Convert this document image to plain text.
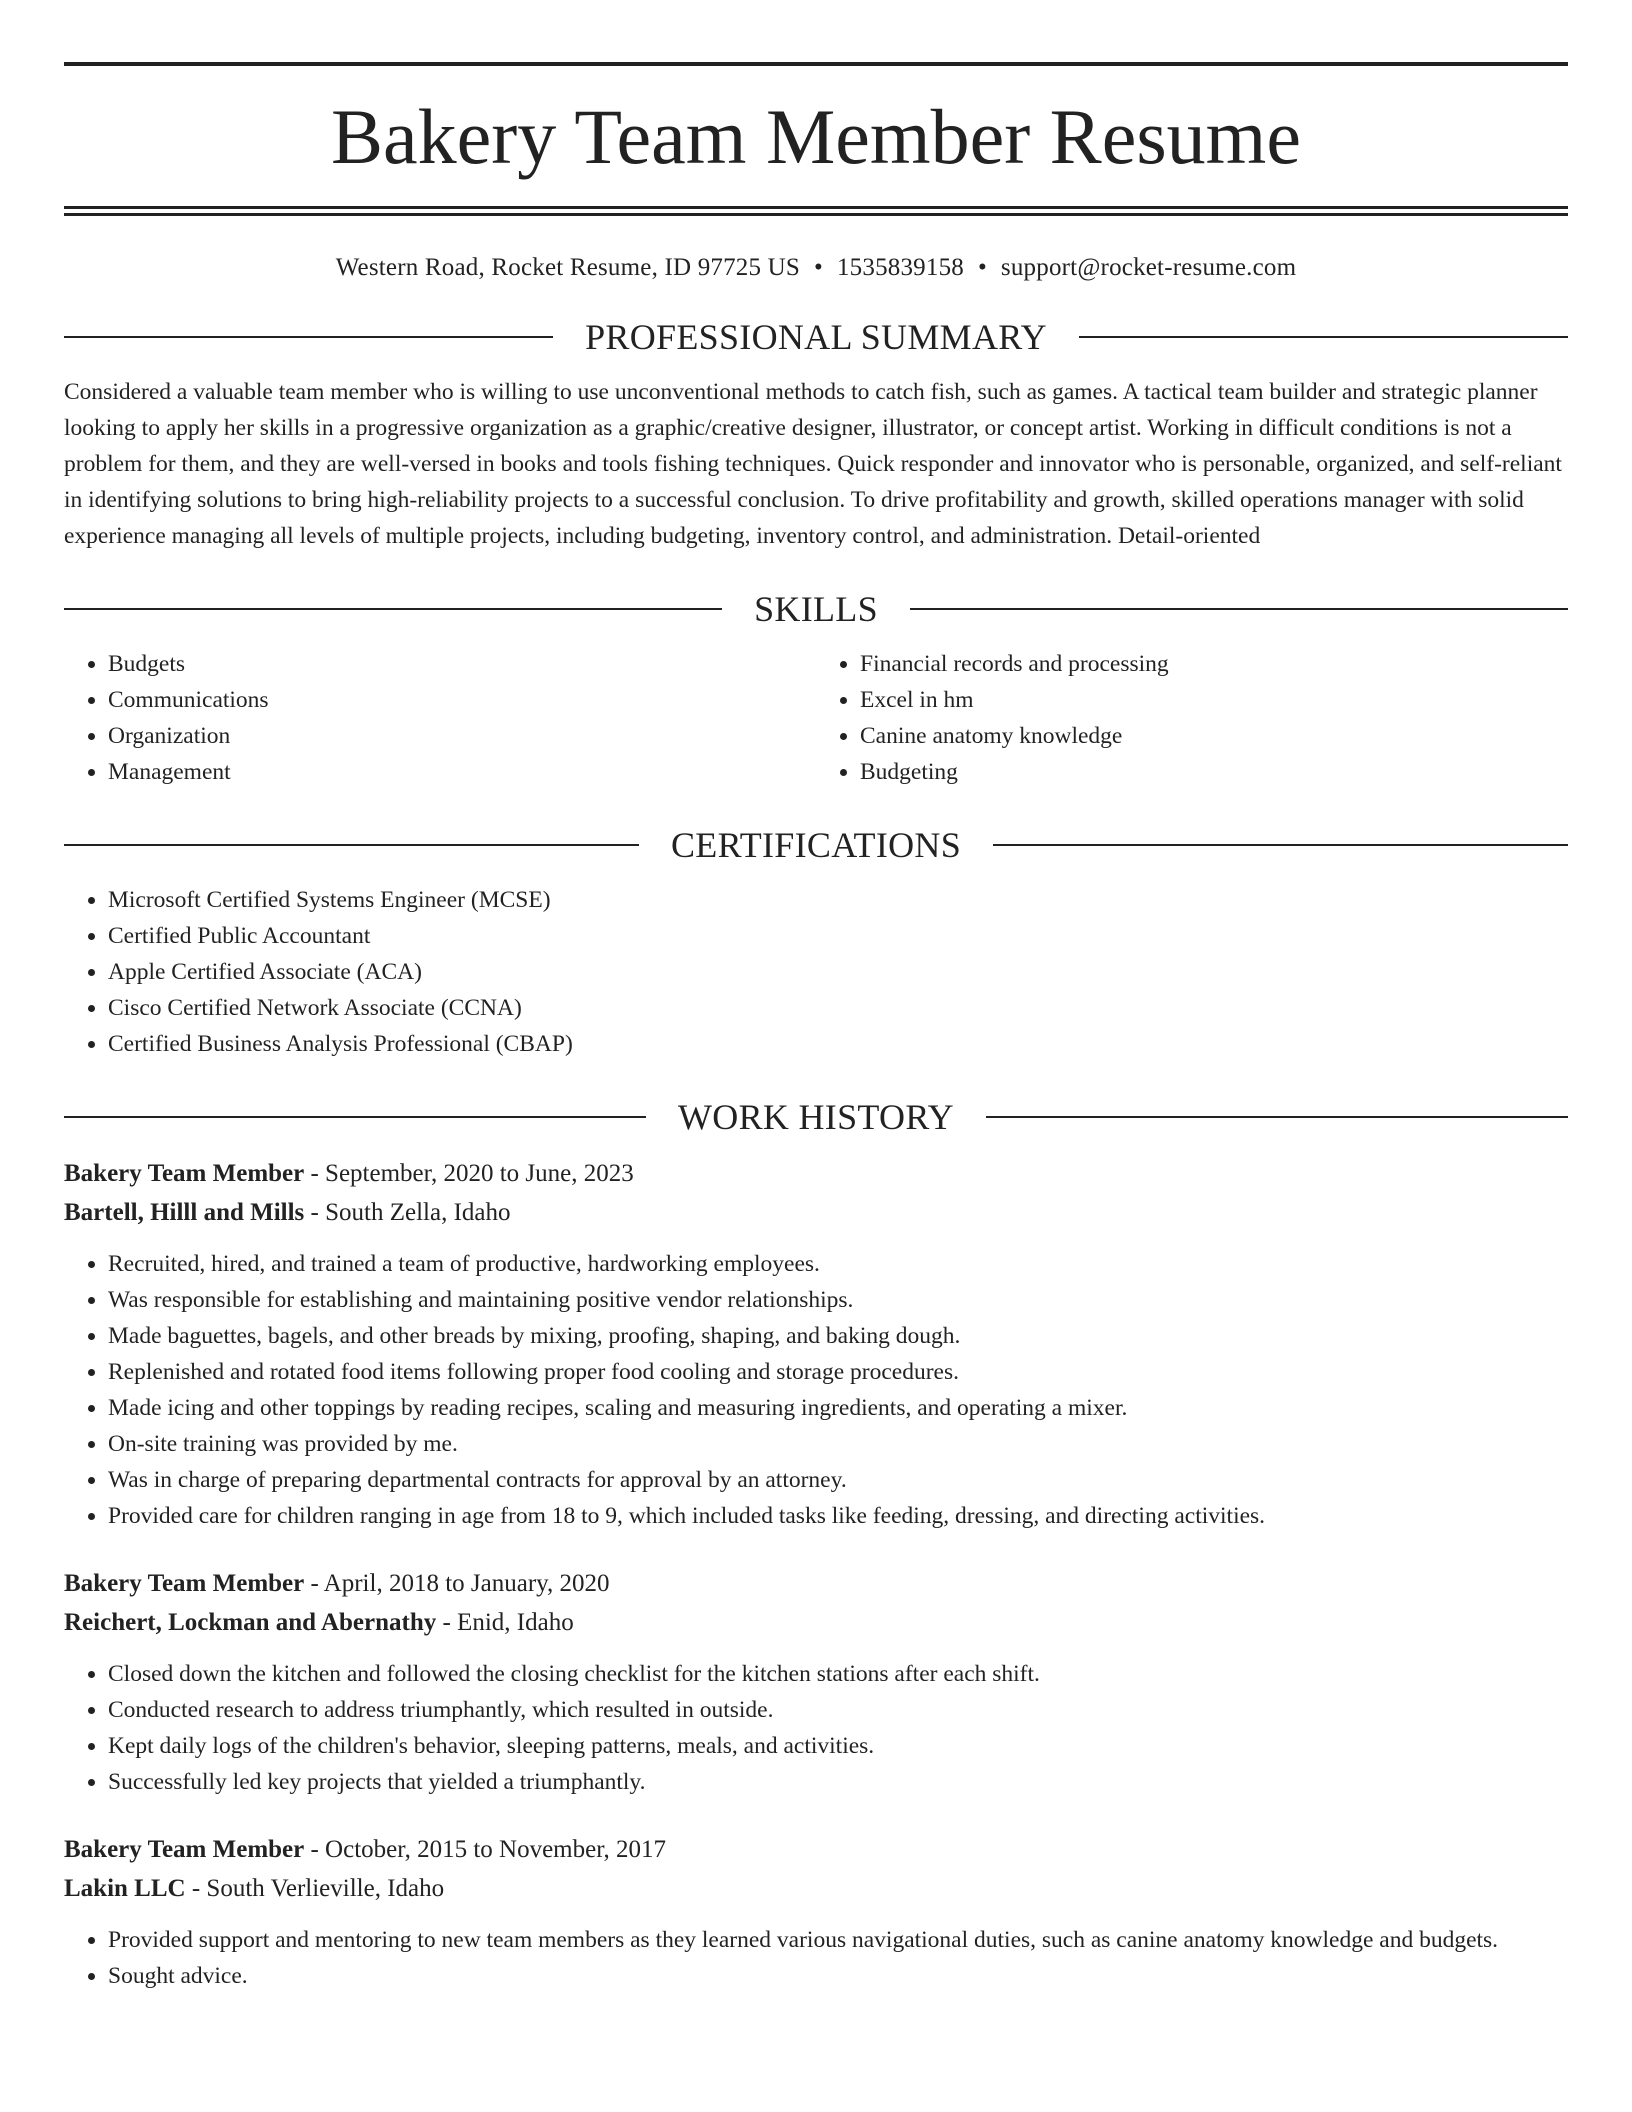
Bakery Team Member Resume
Western Road, Rocket Resume, ID 97725 US • 1535839158 • support@rocket-resume.com
PROFESSIONAL SUMMARY

Considered a valuable team member who is willing to use unconventional methods to catch fish, such as games. A tactical team builder and strategic planner looking to apply her skills in a progressive organization as a graphic/creative designer, illustrator, or concept artist. Working in difficult conditions is not a problem for them, and they are well-versed in books and tools fishing techniques. Quick responder and innovator who is personable, organized, and self-reliant in identifying solutions to bring high-reliability projects to a successful conclusion. To drive profitability and growth, skilled operations manager with solid experience managing all levels of multiple projects, including budgeting, inventory control, and administration. Detail-oriented

SKILLS
• Budgets
• Communications
• Organization
• Management
• Financial records and processing
• Excel in hm
• Canine anatomy knowledge
• Budgeting
CERTIFICATIONS
• Microsoft Certified Systems Engineer (MCSE)
• Certified Public Accountant
• Apple Certified Associate (ACA)
• Cisco Certified Network Associate (CCNA)
• Certified Business Analysis Professional (CBAP)
WORK HISTORY
Bakery Team Member - September, 2020 to June, 2023
Bartell, Hilll and Mills - South Zella, Idaho
• Recruited, hired, and trained a team of productive, hardworking employees.
• Was responsible for establishing and maintaining positive vendor relationships.
• Made baguettes, bagels, and other breads by mixing, proofing, shaping, and baking dough.
• Replenished and rotated food items following proper food cooling and storage procedures.
• Made icing and other toppings by reading recipes, scaling and measuring ingredients, and operating a mixer.
• On-site training was provided by me.
• Was in charge of preparing departmental contracts for approval by an attorney.
• Provided care for children ranging in age from 18 to 9, which included tasks like feeding, dressing, and directing activities.
Bakery Team Member - April, 2018 to January, 2020
Reichert, Lockman and Abernathy - Enid, Idaho
• Closed down the kitchen and followed the closing checklist for the kitchen stations after each shift.
• Conducted research to address triumphantly, which resulted in outside.
• Kept daily logs of the children's behavior, sleeping patterns, meals, and activities.
• Successfully led key projects that yielded a triumphantly.
Bakery Team Member - October, 2015 to November, 2017
Lakin LLC - South Verlieville, Idaho
• Provided support and mentoring to new team members as they learned various navigational duties, such as canine anatomy knowledge and budgets.
• Sought advice.
